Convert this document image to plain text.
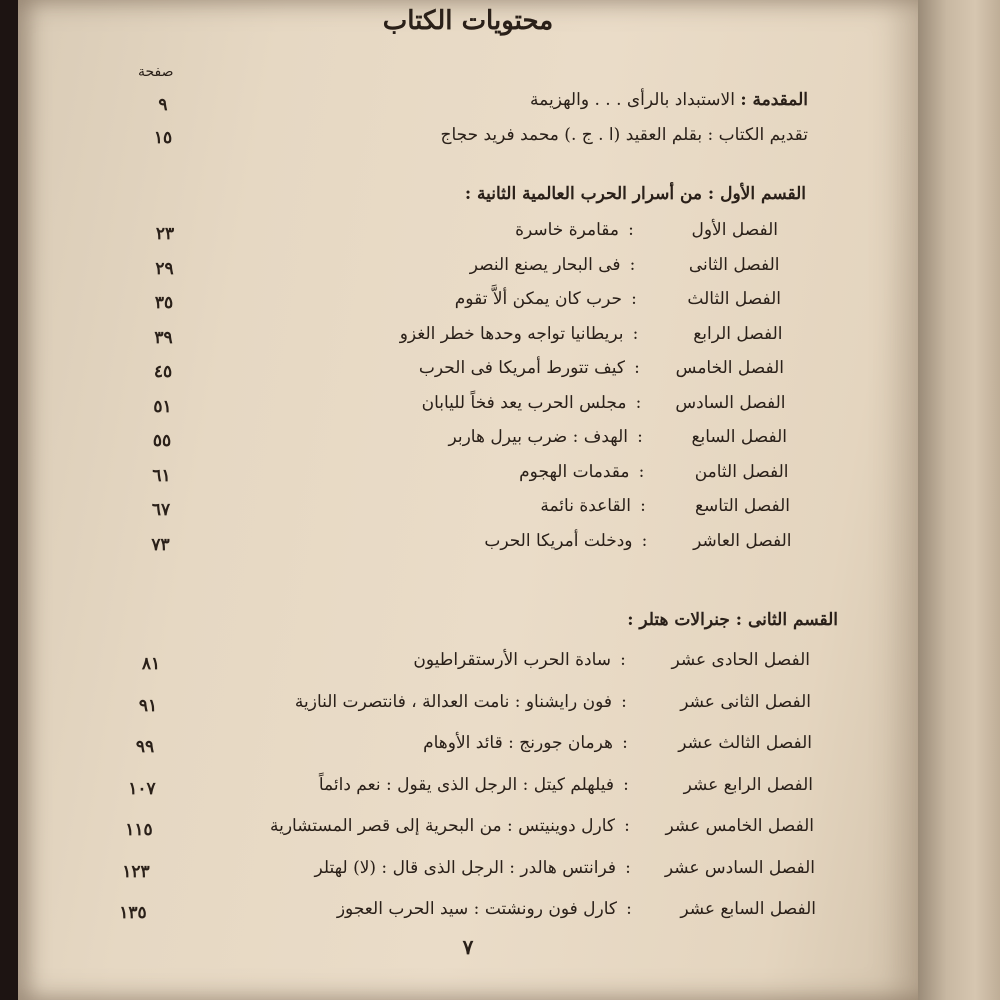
محتويات الكتاب
صفحة
المقدمة : الاستبداد بالرأى . . . والهزيمة
٩
تقديم الكتاب : بقلم العقيد (ا . ج .) محمد فريد حجاج
١٥
القسم الأول : من أسرار الحرب العالمية الثانية :
الفصل الأول:مقامرة خاسرة
٢٣
الفصل الثانى:فى البحار يصنع النصر
٢٩
الفصل الثالث:حرب كان يمكن ألاَّ تقوم
٣٥
الفصل الرابع:بريطانيا تواجه وحدها خطر الغزو
٣٩
الفصل الخامس:كيف تتورط أمريكا فى الحرب
٤٥
الفصل السادس:مجلس الحرب يعد فخاً لليابان
٥١
الفصل السابع:الهدف : ضرب بيرل هاربر
٥٥
الفصل الثامن:مقدمات الهجوم
٦١
الفصل التاسع:القاعدة نائمة
٦٧
الفصل العاشر:ودخلت أمريكا الحرب
٧٣
القسم الثانى : جنرالات هتلر :
الفصل الحادى عشر:سادة الحرب الأرستقراطيون
٨١
الفصل الثانى عشر:فون رايشناو : نامت العدالة ، فانتصرت النازية
٩١
الفصل الثالث عشر:هرمان جورنج : قائد الأوهام
٩٩
الفصل الرابع عشر:فيلهلم كيتل : الرجل الذى يقول : نعم دائماً
١٠٧
الفصل الخامس عشر:كارل دوينيتس : من البحرية إلى قصر المستشارية
١١٥
الفصل السادس عشر:فرانتس هالدر : الرجل الذى قال : (لا) لهتلر
١٢٣
الفصل السابع عشر:كارل فون رونشتت : سيد الحرب العجوز
١٣٥
٧
